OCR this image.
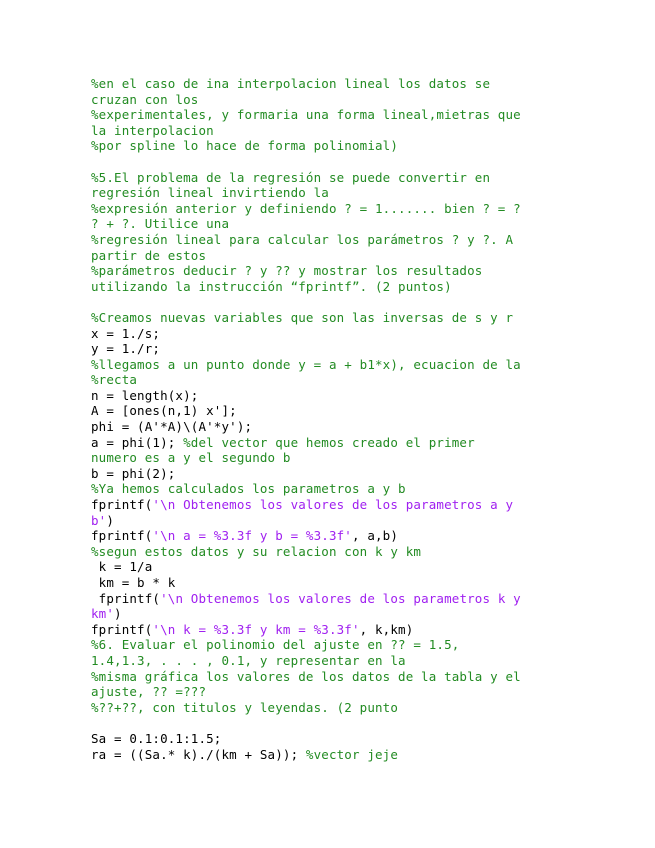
%en el caso de ina interpolacion lineal los datos se
cruzan con los
%experimentales, y formaria una forma lineal,mietras que
la interpolacion
%por spline lo hace de forma polinomial)
%5.El problema de la regresión se puede convertir en
regresión lineal invirtiendo la
%expresión anterior y definiendo ? = 1....... bien ? = ?
? + ?. Utilice una
%regresión lineal para calcular los parámetros ? y ?. A
partir de estos
%parámetros deducir ? y ?? y mostrar los resultados
utilizando la instrucción “fprintf”. (2 puntos)
%Creamos nuevas variables que son las inversas de s y r
x = 1./s;
y = 1./r;
%llegamos a un punto donde y = a + b1*x), ecuacion de la
%recta
n = length(x);
A = [ones(n,1) x'];
phi = (A'*A)\(A'*y');
a = phi(1); %del vector que hemos creado el primer
numero es a y el segundo b
b = phi(2);
%Ya hemos calculados los parametros a y b
fprintf('\n Obtenemos los valores de los parametros a y
b')
fprintf('\n a = %3.3f y b = %3.3f', a,b)
%segun estos datos y su relacion con k y km
k = 1/a
km = b * k
fprintf('\n Obtenemos los valores de los parametros k y
km')
fprintf('\n k = %3.3f y km = %3.3f', k,km)
%6. Evaluar el polinomio del ajuste en ?? = 1.5,
1.4,1.3, . . . , 0.1, y representar en la
%misma gráfica los valores de los datos de la tabla y el
ajuste, ?? =???
%??+??, con titulos y leyendas. (2 punto
Sa = 0.1:0.1:1.5;
ra = ((Sa.* k)./(km + Sa)); %vector jeje
